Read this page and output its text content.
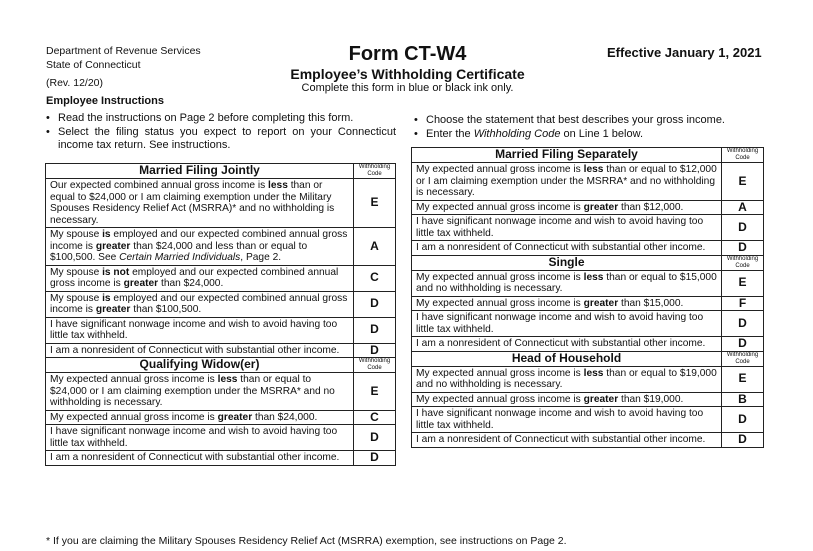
Department of Revenue Services
State of Connecticut
(Rev. 12/20)
Form CT-W4
Employee’s Withholding Certificate
Complete this form in blue or black ink only.
Effective January 1, 2021
Employee Instructions
• Read the instructions on Page 2 before completing this form.
• Select the filing status you expect to report on your Connecticut income tax return. See instructions.
• Choose the statement that best describes your gross income.
• Enter the Withholding Code on Line 1 below.
Married Filing Jointly	Withholding Code
Our expected combined annual gross income is less than or equal to $24,000 or I am claiming exemption under the Military Spouses Residency Relief Act (MSRRA)* and no withholding is necessary.	E
My spouse is employed and our expected combined annual gross income is greater than $24,000 and less than or equal to $100,500. See Certain Married Individuals, Page 2.	A
My spouse is not employed and our expected combined annual gross income is greater than $24,000.	C
My spouse is employed and our expected combined annual gross income is greater than $100,500.	D
I have significant nonwage income and wish to avoid having too little tax withheld.	D
I am a nonresident of Connecticut with substantial other income.	D
Qualifying Widow(er)	Withholding Code
My expected annual gross income is less than or equal to $24,000 or I am claiming exemption under the MSRRA* and no withholding is necessary.	E
My expected annual gross income is greater than $24,000.	C
I have significant nonwage income and wish to avoid having too little tax withheld.	D
I am a nonresident of Connecticut with substantial other income.	D
Married Filing Separately	Withholding Code
My expected annual gross income is less than or equal to $12,000 or I am claiming exemption under the MSRRA* and no withholding is necessary.	E
My expected annual gross income is greater than $12,000.	A
I have significant nonwage income and wish to avoid having too little tax withheld.	D
I am a nonresident of Connecticut with substantial other income.	D
Single	Withholding Code
My expected annual gross income is less than or equal to $15,000 and no withholding is necessary.	E
My expected annual gross income is greater than $15,000.	F
I have significant nonwage income and wish to avoid having too little tax withheld.	D
I am a nonresident of Connecticut with substantial other income.	D
Head of Household	Withholding Code
My expected annual gross income is less than or equal to $19,000 and no withholding is necessary.	E
My expected annual gross income is greater than $19,000.	B
I have significant nonwage income and wish to avoid having too little tax withheld.	D
I am a nonresident of Connecticut with substantial other income.	D
* If you are claiming the Military Spouses Residency Relief Act (MSRRA) exemption, see instructions on Page 2.
